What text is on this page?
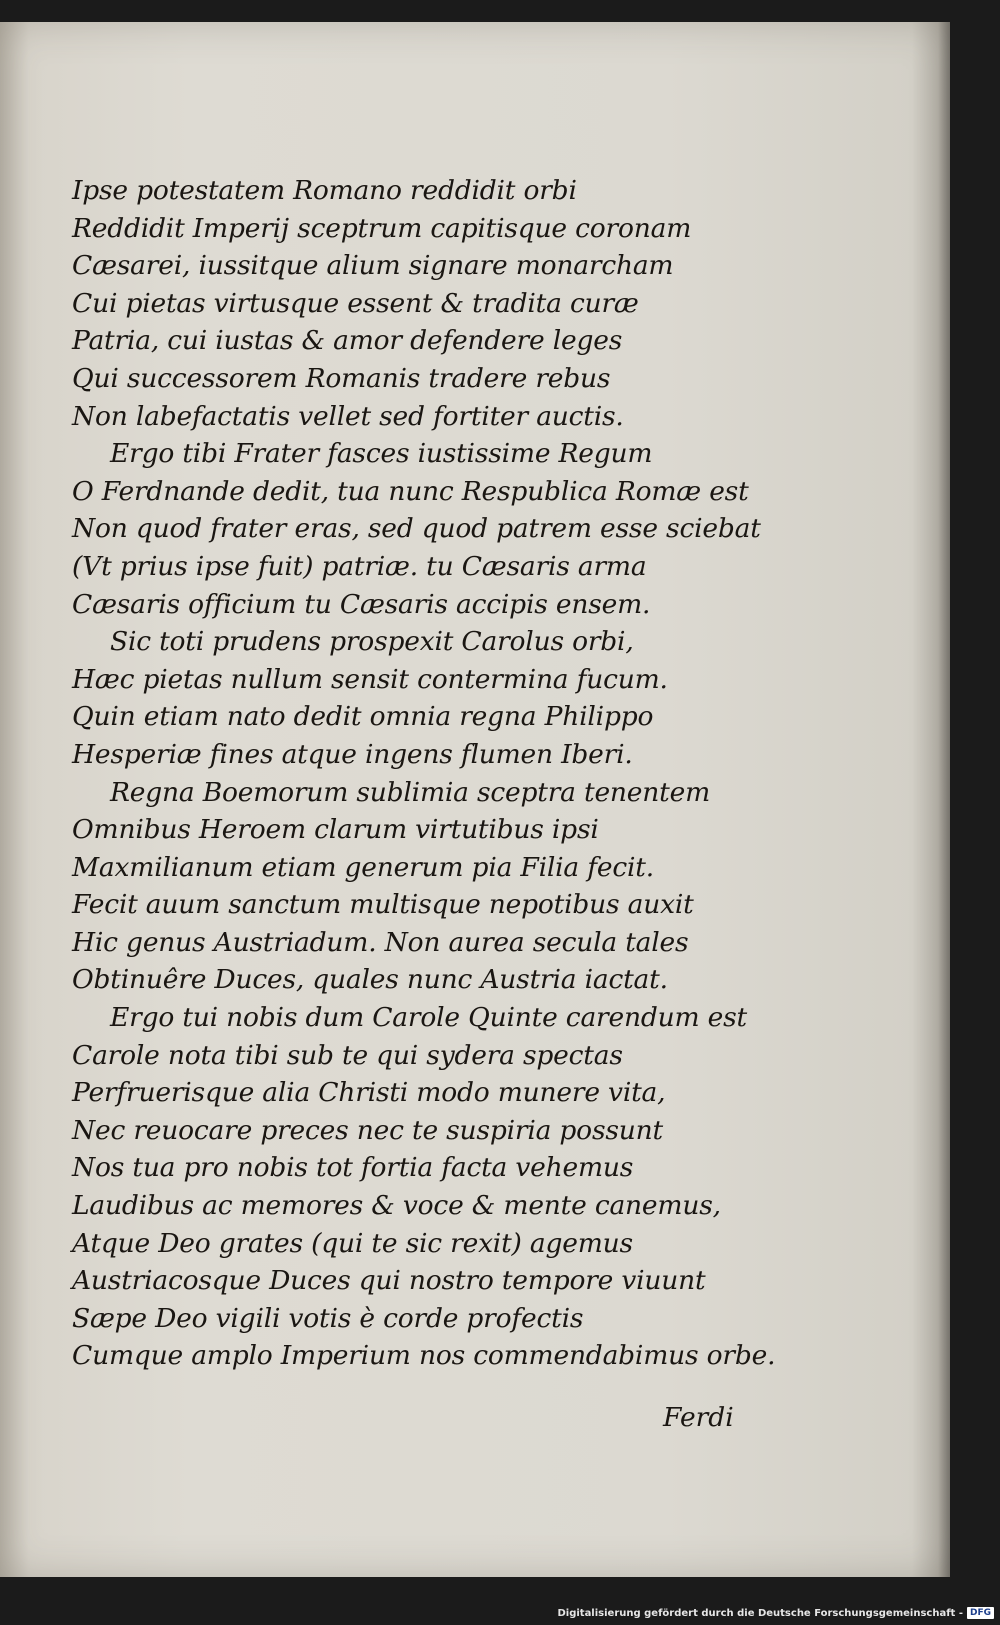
Ipse potestatem Romano reddidit orbi
Reddidit Imperij sceptrum capitisque coronam
Cæsarei, iussitque alium signare monarcham
Cui pietas virtusque essent & tradita curæ
Patria, cui iustas & amor defendere leges
Qui successorem Romanis tradere rebus
Non labefactatis vellet sed fortiter auctis.
Ergo tibi Frater fasces iustissime Regum
O Ferdnande dedit, tua nunc Respublica Romæ est
Non quod frater eras, sed quod patrem esse sciebat
(Vt prius ipse fuit) patriæ. tu Cæsaris arma
Cæsaris officium tu Cæsaris accipis ensem.
Sic toti prudens prospexit Carolus orbi,
Hæc pietas nullum sensit contermina fucum.
Quin etiam nato dedit omnia regna Philippo
Hesperiæ fines atque ingens flumen Iberi.
Regna Boemorum sublimia sceptra tenentem
Omnibus Heroem clarum virtutibus ipsi
Maxmilianum etiam generum pia Filia fecit.
Fecit auum sanctum multisque nepotibus auxit
Hic genus Austriadum. Non aurea secula tales
Obtinuêre Duces, quales nunc Austria iactat.
Ergo tui nobis dum Carole Quinte carendum est
Carole nota tibi sub te qui sydera spectas
Perfruerisque alia Christi modo munere vita,
Nec reuocare preces nec te suspiria possunt
Nos tua pro nobis tot fortia facta vehemus
Laudibus ac memores & voce & mente canemus,
Atque Deo grates (qui te sic rexit) agemus
Austriacosque Duces qui nostro tempore viuunt
Sæpe Deo vigili votis è corde profectis
Cumque amplo Imperium nos commendabimus orbe.
Ferdi
Digitalisierung gefördert durch die Deutsche Forschungsgemeinschaft - DFG
